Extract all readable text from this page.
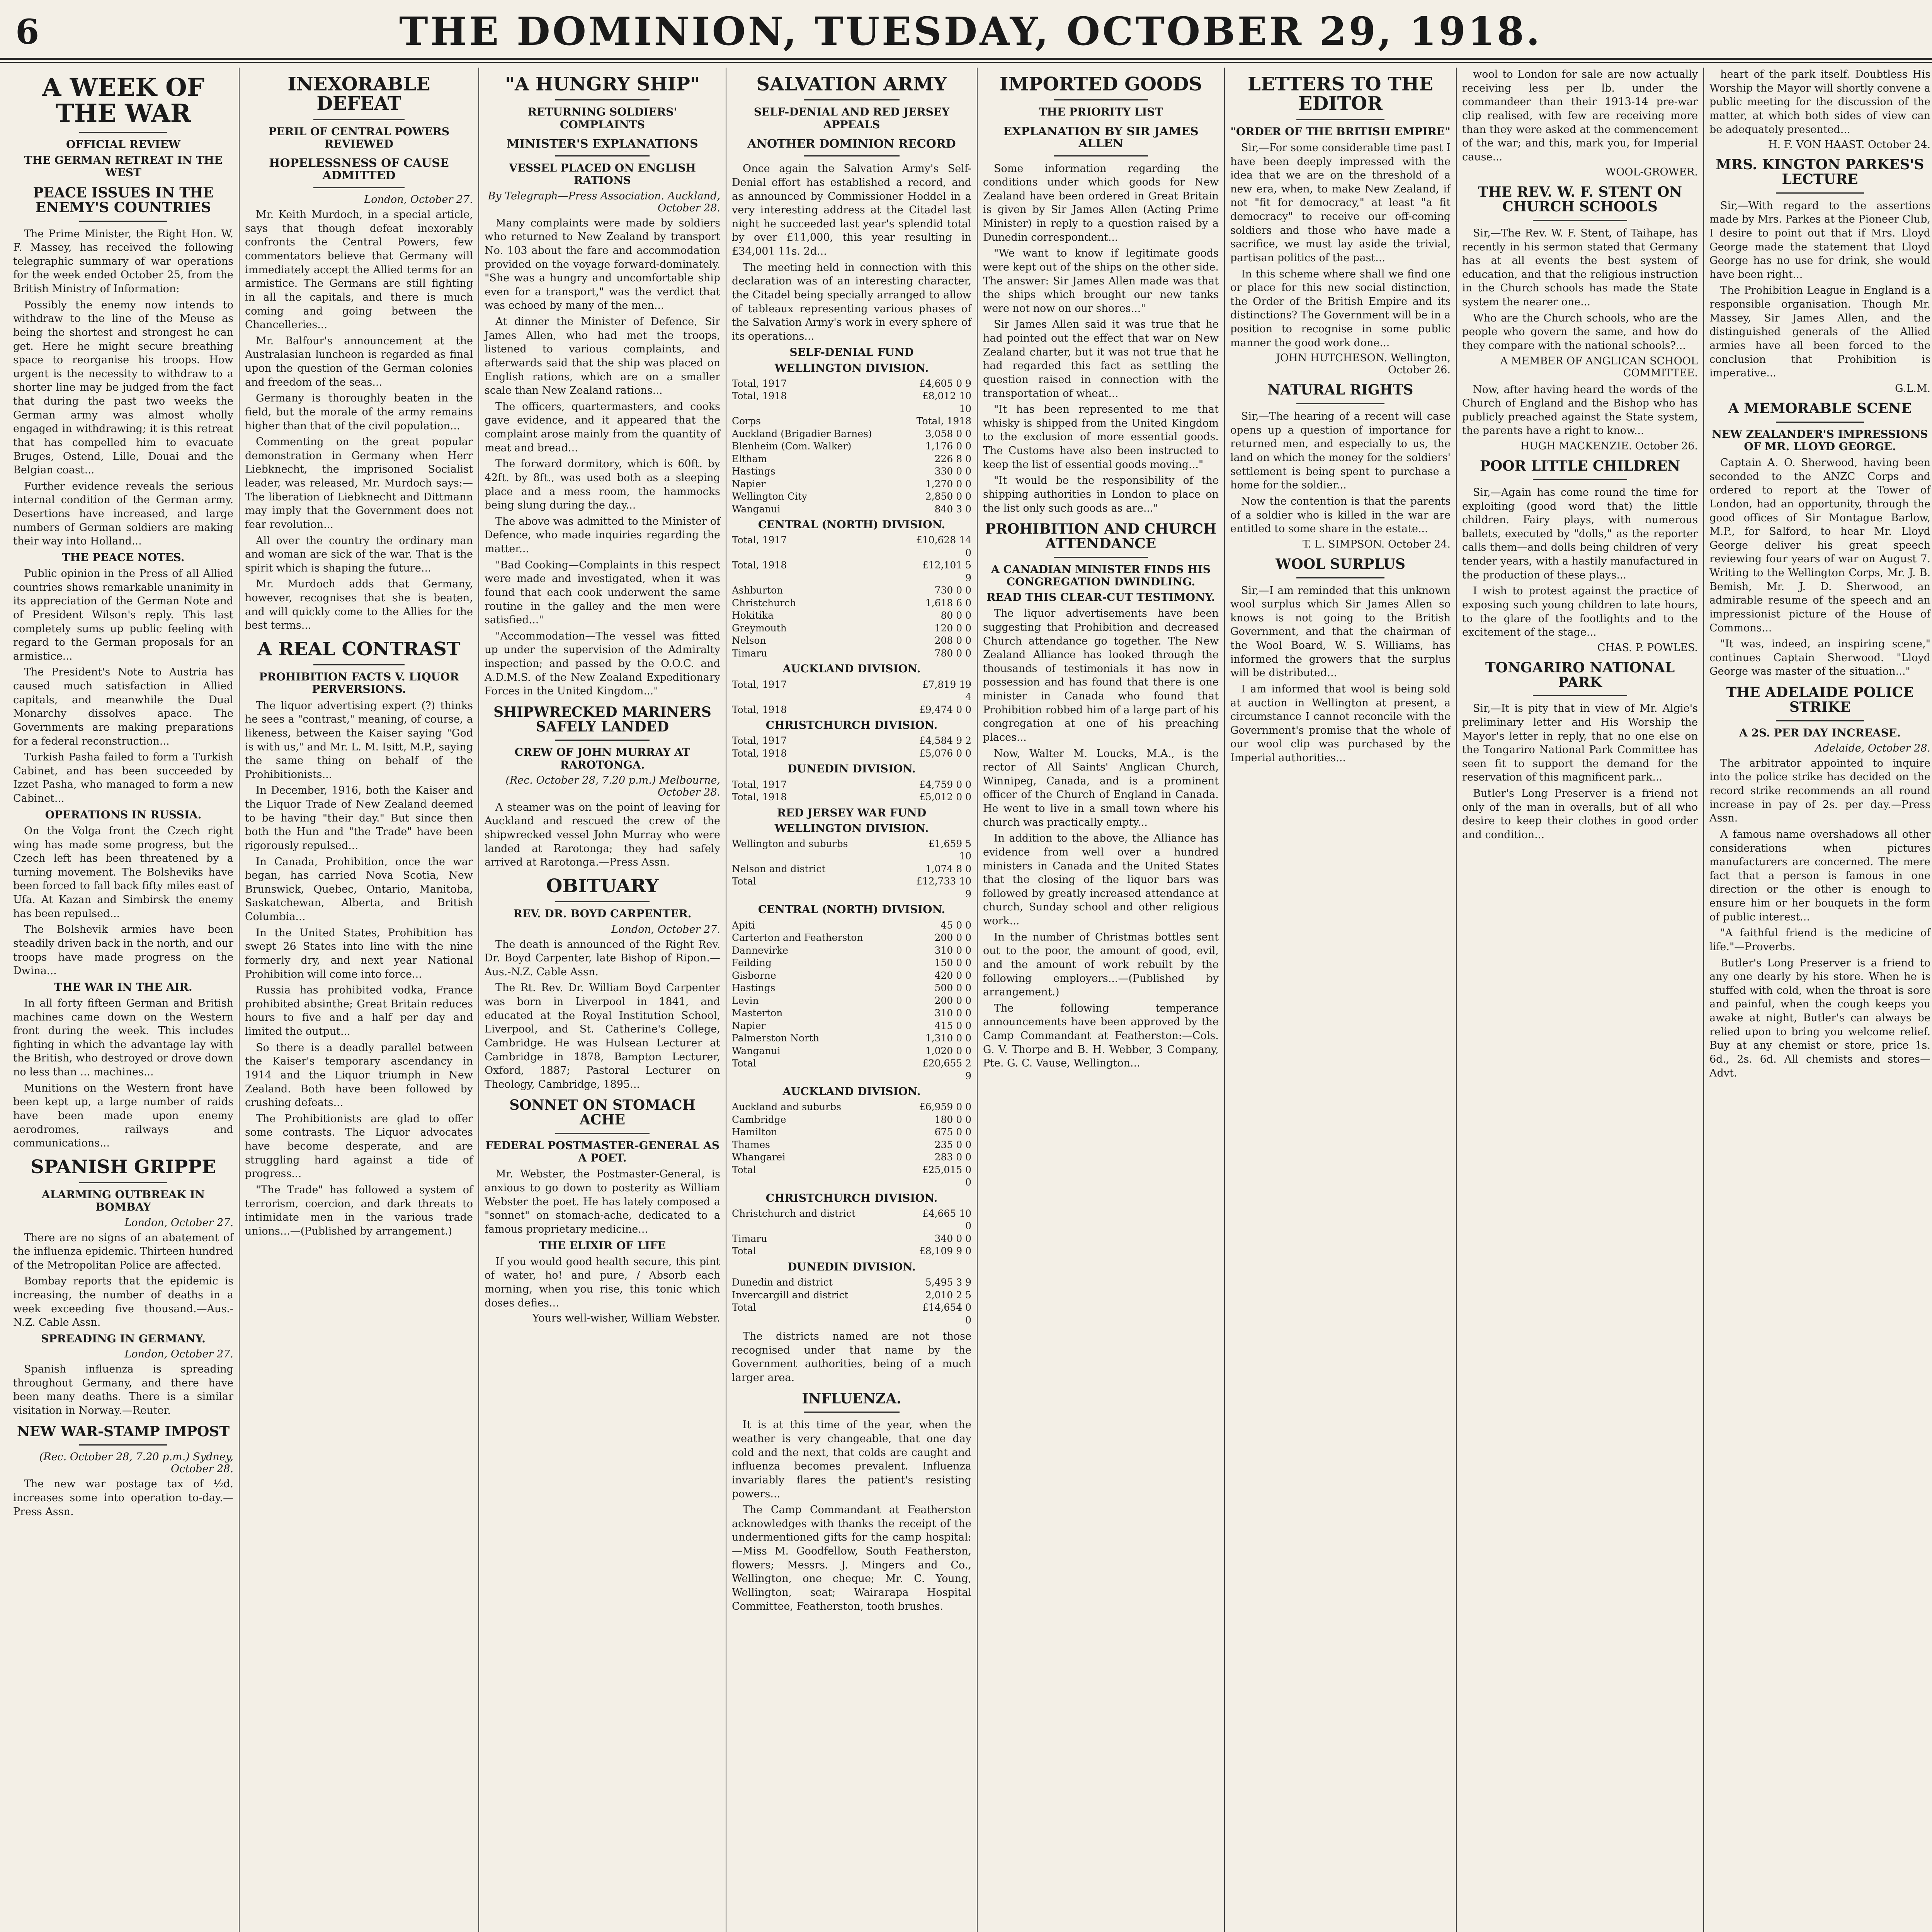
6	THE DOMINION, TUESDAY, OCTOBER 29, 1918.
A WEEK OF THE WAR
OFFICIAL REVIEW
THE GERMAN RETREAT IN THE WEST
PEACE ISSUES IN THE ENEMY'S COUNTRIES
The Prime Minister, the Right Hon. W. F. Massey, has received the following telegraphic summary of war operations for the week ended October 25, from the British Ministry of Information:
Possibly the enemy now intends to withdraw to the line of the Meuse as being the shortest and strongest he can get. Here he might secure breathing space to reorganise his troops. How urgent is the necessity to withdraw to a shorter line may be judged from the fact that during the past two weeks the German army was almost wholly engaged in withdrawing; it is this retreat that has compelled him to evacuate Bruges, Ostend, Lille, Douai and the Belgian coast...
Further evidence reveals the serious internal condition of the German army. Desertions have increased, and large numbers of German soldiers are making their way into Holland...
THE PEACE NOTES.
Public opinion in the Press of all Allied countries shows remarkable unanimity in its appreciation of the German Note and of President Wilson's reply. This last completely sums up public feeling with regard to the German proposals for an armistice...
The President's Note to Austria has caused much satisfaction in Allied capitals, and meanwhile the Dual Monarchy dissolves apace. The Governments are making preparations for a federal reconstruction...
Turkish Pasha failed to form a Turkish Cabinet, and has been succeeded by Izzet Pasha, who managed to form a new Cabinet...
OPERATIONS IN RUSSIA.
On the Volga front the Czech right wing has made some progress, but the Czech left has been threatened by a turning movement. The Bolsheviks have been forced to fall back fifty miles east of Ufa. At Kazan and Simbirsk the enemy has been repulsed...
The Bolshevik armies have been steadily driven back in the north, and our troops have made progress on the Dwina...
THE WAR IN THE AIR.
In all forty fifteen German and British machines came down on the Western front during the week. This includes fighting in which the advantage lay with the British, who destroyed or drove down no less than ... machines...
Munitions on the Western front have been kept up, a large number of raids have been made upon enemy aerodromes, railways and communications...
SPANISH GRIPPE
ALARMING OUTBREAK IN BOMBAY
London, October 27.
There are no signs of an abatement of the influenza epidemic. Thirteen hundred of the Metropolitan Police are affected.
Bombay reports that the epidemic is increasing, the number of deaths in a week exceeding five thousand.—Aus.-N.Z. Cable Assn.
SPREADING IN GERMANY.
London, October 27.
Spanish influenza is spreading throughout Germany, and there have been many deaths. There is a similar visitation in Norway.—Reuter.
NEW WAR-STAMP IMPOST
(Rec. October 28, 7.20 p.m.) Sydney, October 28.
The new war postage tax of ½d. increases some into operation to-day.—Press Assn.
INEXORABLE DEFEAT
PERIL OF CENTRAL POWERS REVIEWED
HOPELESSNESS OF CAUSE ADMITTED
London, October 27.
Mr. Keith Murdoch, in a special article, says that though defeat inexorably confronts the Central Powers, few commentators believe that Germany will immediately accept the Allied terms for an armistice. The Germans are still fighting in all the capitals, and there is much coming and going between the Chancelleries...
Mr. Balfour's announcement at the Australasian luncheon is regarded as final upon the question of the German colonies and freedom of the seas...
Germany is thoroughly beaten in the field, but the morale of the army remains higher than that of the civil population...
Commenting on the great popular demonstration in Germany when Herr Liebknecht, the imprisoned Socialist leader, was released, Mr. Murdoch says:—The liberation of Liebknecht and Dittmann may imply that the Government does not fear revolution...
All over the country the ordinary man and woman are sick of the war. That is the spirit which is shaping the future...
Mr. Murdoch adds that Germany, however, recognises that she is beaten, and will quickly come to the Allies for the best terms...
A REAL CONTRAST
PROHIBITION FACTS V. LIQUOR PERVERSIONS.
The liquor advertising expert (?) thinks he sees a "contrast," meaning, of course, a likeness, between the Kaiser saying "God is with us," and Mr. L. M. Isitt, M.P., saying the same thing on behalf of the Prohibitionists...
In December, 1916, both the Kaiser and the Liquor Trade of New Zealand deemed to be having "their day." But since then both the Hun and "the Trade" have been rigorously repulsed...
In Canada, Prohibition, once the war began, has carried Nova Scotia, New Brunswick, Quebec, Ontario, Manitoba, Saskatchewan, Alberta, and British Columbia...
In the United States, Prohibition has swept 26 States into line with the nine formerly dry, and next year National Prohibition will come into force...
Russia has prohibited vodka, France prohibited absinthe; Great Britain reduces hours to five and a half per day and limited the output...
So there is a deadly parallel between the Kaiser's temporary ascendancy in 1914 and the Liquor triumph in New Zealand. Both have been followed by crushing defeats...
The Prohibitionists are glad to offer some contrasts. The Liquor advocates have become desperate, and are struggling hard against a tide of progress...
"The Trade" has followed a system of terrorism, coercion, and dark threats to intimidate men in the various trade unions...—(Published by arrangement.)
"A HUNGRY SHIP"
RETURNING SOLDIERS' COMPLAINTS
MINISTER'S EXPLANATIONS
VESSEL PLACED ON ENGLISH RATIONS
By Telegraph—Press Association. Auckland, October 28.
Many complaints were made by soldiers who returned to New Zealand by transport No. 103 about the fare and accommodation provided on the voyage forward-dominately. "She was a hungry and uncomfortable ship even for a transport," was the verdict that was echoed by many of the men...
At dinner the Minister of Defence, Sir James Allen, who had met the troops, listened to various complaints, and afterwards said that the ship was placed on English rations, which are on a smaller scale than New Zealand rations...
The officers, quartermasters, and cooks gave evidence, and it appeared that the complaint arose mainly from the quantity of meat and bread...
The forward dormitory, which is 60ft. by 42ft. by 8ft., was used both as a sleeping place and a mess room, the hammocks being slung during the day...
The above was admitted to the Minister of Defence, who made inquiries regarding the matter...
"Bad Cooking—Complaints in this respect were made and investigated, when it was found that each cook underwent the same routine in the galley and the men were satisfied..."
"Accommodation—The vessel was fitted up under the supervision of the Admiralty inspection; and passed by the O.O.C. and A.D.M.S. of the New Zealand Expeditionary Forces in the United Kingdom..."
SHIPWRECKED MARINERS SAFELY LANDED
CREW OF JOHN MURRAY AT RAROTONGA.
(Rec. October 28, 7.20 p.m.) Melbourne, October 28.
A steamer was on the point of leaving for Auckland and rescued the crew of the shipwrecked vessel John Murray who were landed at Rarotonga; they had safely arrived at Rarotonga.—Press Assn.
OBITUARY
REV. DR. BOYD CARPENTER.
London, October 27.
The death is announced of the Right Rev. Dr. Boyd Carpenter, late Bishop of Ripon.—Aus.-N.Z. Cable Assn.
The Rt. Rev. Dr. William Boyd Carpenter was born in Liverpool in 1841, and educated at the Royal Institution School, Liverpool, and St. Catherine's College, Cambridge. He was Hulsean Lecturer at Cambridge in 1878, Bampton Lecturer, Oxford, 1887; Pastoral Lecturer on Theology, Cambridge, 1895...
SONNET ON STOMACH ACHE
FEDERAL POSTMASTER-GENERAL AS A POET.
Mr. Webster, the Postmaster-General, is anxious to go down to posterity as William Webster the poet. He has lately composed a "sonnet" on stomach-ache, dedicated to a famous proprietary medicine...
THE ELIXIR OF LIFE
If you would good health secure, this pint of water, ho! and pure, / Absorb each morning, when you rise, this tonic which doses defies...
Yours well-wisher, William Webster.
SALVATION ARMY
SELF-DENIAL AND RED JERSEY APPEALS
ANOTHER DOMINION RECORD
Once again the Salvation Army's Self-Denial effort has established a record, and as announced by Commissioner Hoddel in a very interesting address at the Citadel last night he succeeded last year's splendid total by over £11,000, this year resulting in £34,001 11s. 2d...
The meeting held in connection with this declaration was of an interesting character, the Citadel being specially arranged to allow of tableaux representing various phases of the Salvation Army's work in every sphere of its operations...
SELF-DENIAL FUND
WELLINGTON DIVISION.
Total, 1917	£4,605 0 9
Total, 1918	£8,012 10 10
Corps	Total, 1918
Auckland (Brigadier Barnes)	3,058 0 0
Blenheim (Com. Walker)	1,176 0 0
Eltham	226 8 0
Hastings	330 0 0
Napier	1,270 0 0
Wellington City	2,850 0 0
Wanganui	840 3 0
CENTRAL (NORTH) DIVISION.
Total, 1917	£10,628 14 0
Total, 1918	£12,101 5 9
Ashburton	730 0 0
Christchurch	1,618 6 0
Hokitika	80 0 0
Greymouth	120 0 0
Nelson	208 0 0
Timaru	780 0 0
AUCKLAND DIVISION.
Total, 1917	£7,819 19 4
Total, 1918	£9,474 0 0
CHRISTCHURCH DIVISION.
Total, 1917	£4,584 9 2
Total, 1918	£5,076 0 0
DUNEDIN DIVISION.
Total, 1917	£4,759 0 0
Total, 1918	£5,012 0 0
RED JERSEY WAR FUND
WELLINGTON DIVISION.
Wellington and suburbs	£1,659 5 10
Nelson and district	1,074 8 0
Total	£12,733 10 9
CENTRAL (NORTH) DIVISION.
Apiti	45 0 0
Carterton and Featherston	200 0 0
Dannevirke	310 0 0
Feilding	150 0 0
Gisborne	420 0 0
Hastings	500 0 0
Levin	200 0 0
Masterton	310 0 0
Napier	415 0 0
Palmerston North	1,310 0 0
Wanganui	1,020 0 0
Total	£20,655 2 9
AUCKLAND DIVISION.
Auckland and suburbs	£6,959 0 0
Cambridge	180 0 0
Hamilton	675 0 0
Thames	235 0 0
Whangarei	283 0 0
Total	£25,015 0 0
CHRISTCHURCH DIVISION.
Christchurch and district	£4,665 10 0
Timaru	340 0 0
Total	£8,109 9 0
DUNEDIN DIVISION.
Dunedin and district	5,495 3 9
Invercargill and district	2,010 2 5
Total	£14,654 0 0
The districts named are not those recognised under that name by the Government authorities, being of a much larger area.
INFLUENZA.
It is at this time of the year, when the weather is very changeable, that one day cold and the next, that colds are caught and influenza becomes prevalent. Influenza invariably flares the patient's resisting powers...
The Camp Commandant at Featherston acknowledges with thanks the receipt of the undermentioned gifts for the camp hospital:—Miss M. Goodfellow, South Featherston, flowers; Messrs. J. Mingers and Co., Wellington, one cheque; Mr. C. Young, Wellington, seat; Wairarapa Hospital Committee, Featherston, tooth brushes.
IMPORTED GOODS
THE PRIORITY LIST
EXPLANATION BY SIR JAMES ALLEN
Some information regarding the conditions under which goods for New Zealand have been ordered in Great Britain is given by Sir James Allen (Acting Prime Minister) in reply to a question raised by a Dunedin correspondent...
"We want to know if legitimate goods were kept out of the ships on the other side. The answer: Sir James Allen made was that the ships which brought our new tanks were not now on our shores..."
Sir James Allen said it was true that he had pointed out the effect that war on New Zealand charter, but it was not true that he had regarded this fact as settling the question raised in connection with the transportation of wheat...
"It has been represented to me that whisky is shipped from the United Kingdom to the exclusion of more essential goods. The Customs have also been instructed to keep the list of essential goods moving..."
"It would be the responsibility of the shipping authorities in London to place on the list only such goods as are..."
PROHIBITION AND CHURCH ATTENDANCE
A CANADIAN MINISTER FINDS HIS CONGREGATION DWINDLING.
READ THIS CLEAR-CUT TESTIMONY.
The liquor advertisements have been suggesting that Prohibition and decreased Church attendance go together. The New Zealand Alliance has looked through the thousands of testimonials it has now in possession and has found that there is one minister in Canada who found that Prohibition robbed him of a large part of his congregation at one of his preaching places...
Now, Walter M. Loucks, M.A., is the rector of All Saints' Anglican Church, Winnipeg, Canada, and is a prominent officer of the Church of England in Canada. He went to live in a small town where his church was practically empty...
In addition to the above, the Alliance has evidence from well over a hundred ministers in Canada and the United States that the closing of the liquor bars was followed by greatly increased attendance at church, Sunday school and other religious work...
In the number of Christmas bottles sent out to the poor, the amount of good, evil, and the amount of work rebuilt by the following employers...—(Published by arrangement.)
The following temperance announcements have been approved by the Camp Commandant at Featherston:—Cols. G. V. Thorpe and B. H. Webber, 3 Company, Pte. G. C. Vause, Wellington...
LETTERS TO THE EDITOR
"ORDER OF THE BRITISH EMPIRE"
Sir,—For some considerable time past I have been deeply impressed with the idea that we are on the threshold of a new era, when, to make New Zealand, if not "fit for democracy," at least "a fit democracy" to receive our off-coming soldiers and those who have made a sacrifice, we must lay aside the trivial, partisan politics of the past...
In this scheme where shall we find one or place for this new social distinction, the Order of the British Empire and its distinctions? The Government will be in a position to recognise in some public manner the good work done...
JOHN HUTCHESON. Wellington, October 26.
NATURAL RIGHTS
Sir,—The hearing of a recent will case opens up a question of importance for returned men, and especially to us, the land on which the money for the soldiers' settlement is being spent to purchase a home for the soldier...
Now the contention is that the parents of a soldier who is killed in the war are entitled to some share in the estate...
T. L. SIMPSON. October 24.
WOOL SURPLUS
Sir,—I am reminded that this unknown wool surplus which Sir James Allen so knows is not going to the British Government, and that the chairman of the Wool Board, W. S. Williams, has informed the growers that the surplus will be distributed...
I am informed that wool is being sold at auction in Wellington at present, a circumstance I cannot reconcile with the Government's promise that the whole of our wool clip was purchased by the Imperial authorities...
wool to London for sale are now actually receiving less per lb. under the commandeer than their 1913-14 pre-war clip realised, with few are receiving more than they were asked at the commencement of the war; and this, mark you, for Imperial cause...
WOOL-GROWER.
THE REV. W. F. STENT ON CHURCH SCHOOLS
Sir,—The Rev. W. F. Stent, of Taihape, has recently in his sermon stated that Germany has at all events the best system of education, and that the religious instruction in the Church schools has made the State system the nearer one...
Who are the Church schools, who are the people who govern the same, and how do they compare with the national schools?...
A MEMBER OF ANGLICAN SCHOOL COMMITTEE.
Now, after having heard the words of the Church of England and the Bishop who has publicly preached against the State system, the parents have a right to know...
HUGH MACKENZIE. October 26.
POOR LITTLE CHILDREN
Sir,—Again has come round the time for exploiting (good word that) the little children. Fairy plays, with numerous ballets, executed by "dolls," as the reporter calls them—and dolls being children of very tender years, with a hastily manufactured in the production of these plays...
I wish to protest against the practice of exposing such young children to late hours, to the glare of the footlights and to the excitement of the stage...
CHAS. P. POWLES.
TONGARIRO NATIONAL PARK
Sir,—It is pity that in view of Mr. Algie's preliminary letter and His Worship the Mayor's letter in reply, that no one else on the Tongariro National Park Committee has seen fit to support the demand for the reservation of this magnificent park...
Butler's Long Preserver is a friend not only of the man in overalls, but of all who desire to keep their clothes in good order and condition...
heart of the park itself. Doubtless His Worship the Mayor will shortly convene a public meeting for the discussion of the matter, at which both sides of view can be adequately presented...
H. F. VON HAAST. October 24.
MRS. KINGTON PARKES'S LECTURE
Sir,—With regard to the assertions made by Mrs. Parkes at the Pioneer Club, I desire to point out that if Mrs. Lloyd George made the statement that Lloyd George has no use for drink, she would have been right...
The Prohibition League in England is a responsible organisation. Though Mr. Massey, Sir James Allen, and the distinguished generals of the Allied armies have all been forced to the conclusion that Prohibition is imperative...
G.L.M.
A MEMORABLE SCENE
NEW ZEALANDER'S IMPRESSIONS OF MR. LLOYD GEORGE.
Captain A. O. Sherwood, having been seconded to the ANZC Corps and ordered to report at the Tower of London, had an opportunity, through the good offices of Sir Montague Barlow, M.P., for Salford, to hear Mr. Lloyd George deliver his great speech reviewing four years of war on August 7. Writing to the Wellington Corps, Mr. J. B. Bemish, Mr. J. D. Sherwood, an admirable resume of the speech and an impressionist picture of the House of Commons...
"It was, indeed, an inspiring scene," continues Captain Sherwood. "Lloyd George was master of the situation..."
THE ADELAIDE POLICE STRIKE
A 2S. PER DAY INCREASE.
Adelaide, October 28.
The arbitrator appointed to inquire into the police strike has decided on the record strike recommends an all round increase in pay of 2s. per day.—Press Assn.
A famous name overshadows all other considerations when pictures manufacturers are concerned. The mere fact that a person is famous in one direction or the other is enough to ensure him or her bouquets in the form of public interest...
"A faithful friend is the medicine of life."—Proverbs.
Butler's Long Preserver is a friend to any one dearly by his store. When he is stuffed with cold, when the throat is sore and painful, when the cough keeps you awake at night, Butler's can always be relied upon to bring you welcome relief. Buy at any chemist or store, price 1s. 6d., 2s. 6d. All chemists and stores—Advt.
